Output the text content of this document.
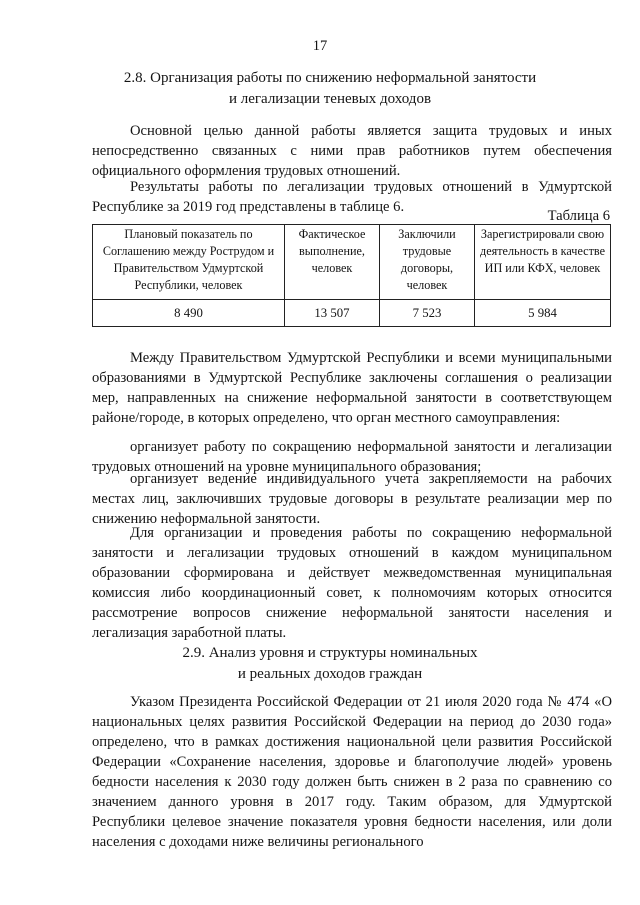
17
2.8. Организация работы по снижению неформальной занятости
и легализации теневых доходов

Основной целью данной работы является защита трудовых и иных непосредственно связанных с ними прав работников путем обеспечения официального оформления трудовых отношений.

Результаты работы по легализации трудовых отношений в Удмуртской Республике за 2019 год представлены в таблице 6.

Таблица 6
Плановый показатель по Соглашению между Рострудом и Правительством Удмуртской Республики, человек	Фактическое выполнение, человек	Заключили трудовые договоры, человек	Зарегистрировали свою деятельность в качестве ИП или КФХ, человек
8 490	13 507	7 523	5 984

Между Правительством Удмуртской Республики и всеми муниципальными образованиями в Удмуртской Республике заключены соглашения о реализации мер, направленных на снижение неформальной занятости в соответствующем районе/городе, в которых определено, что орган местного самоуправления:

организует работу по сокращению неформальной занятости и легализации трудовых отношений на уровне муниципального образования;

организует ведение индивидуального учета закрепляемости на рабочих местах лиц, заключивших трудовые договоры в результате реализации мер по снижению неформальной занятости.

Для организации и проведения работы по сокращению неформальной занятости и легализации трудовых отношений в каждом муниципальном образовании сформирована и действует межведомственная муниципальная комиссия либо координационный совет, к полномочиям которых относится рассмотрение вопросов снижение неформальной занятости населения и легализация заработной платы.

2.9. Анализ уровня и структуры номинальных
и реальных доходов граждан

Указом Президента Российской Федерации от 21 июля 2020 года № 474 «О национальных целях развития Российской Федерации на период до 2030 года» определено, что в рамках достижения национальной цели развития Российской Федерации «Сохранение населения, здоровье и благополучие людей» уровень бедности населения к 2030 году должен быть снижен в 2 раза по сравнению со значением данного уровня в 2017 году. Таким образом, для Удмуртской Республики целевое значение показателя уровня бедности населения, или доли населения с доходами ниже величины регионального
